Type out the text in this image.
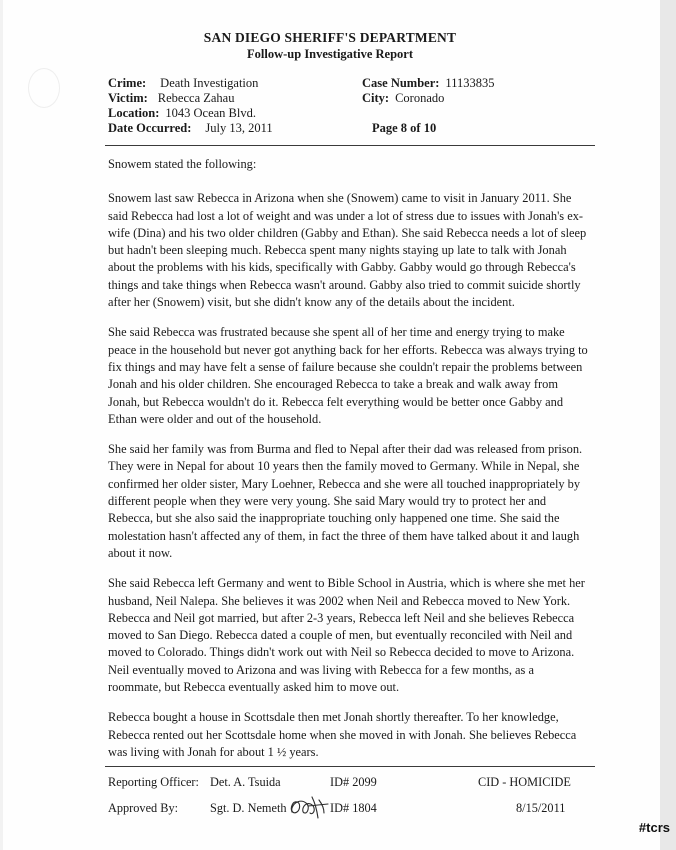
SAN DIEGO SHERIFF'S DEPARTMENT
Follow-up Investigative Report
Crime: Death Investigation
Victim: Rebecca Zahau
Location: 1043 Ocean Blvd.
Date Occurred: July 13, 2011
Case Number: 11133835
City: Coronado
Page 8 of 10

Snowem stated the following:

Snowem last saw Rebecca in Arizona when she (Snowem) came to visit in January 2011. She said Rebecca had lost a lot of weight and was under a lot of stress due to issues with Jonah's ex-wife (Dina) and his two older children (Gabby and Ethan). She said Rebecca needs a lot of sleep but hadn't been sleeping much. Rebecca spent many nights staying up late to talk with Jonah about the problems with his kids, specifically with Gabby. Gabby would go through Rebecca's things and take things when Rebecca wasn't around. Gabby also tried to commit suicide shortly after her (Snowem) visit, but she didn't know any of the details about the incident.

She said Rebecca was frustrated because she spent all of her time and energy trying to make peace in the household but never got anything back for her efforts. Rebecca was always trying to fix things and may have felt a sense of failure because she couldn't repair the problems between Jonah and his older children. She encouraged Rebecca to take a break and walk away from Jonah, but Rebecca wouldn't do it. Rebecca felt everything would be better once Gabby and Ethan were older and out of the household.

She said her family was from Burma and fled to Nepal after their dad was released from prison. They were in Nepal for about 10 years then the family moved to Germany. While in Nepal, she confirmed her older sister, Mary Loehner, Rebecca and she were all touched inappropriately by different people when they were very young. She said Mary would try to protect her and Rebecca, but she also said the inappropriate touching only happened one time. She said the molestation hasn't affected any of them, in fact the three of them have talked about it and laugh about it now.

She said Rebecca left Germany and went to Bible School in Austria, which is where she met her husband, Neil Nalepa. She believes it was 2002 when Neil and Rebecca moved to New York. Rebecca and Neil got married, but after 2-3 years, Rebecca left Neil and she believes Rebecca moved to San Diego. Rebecca dated a couple of men, but eventually reconciled with Neil and moved to Colorado. Things didn't work out with Neil so Rebecca decided to move to Arizona. Neil eventually moved to Arizona and was living with Rebecca for a few months, as a roommate, but Rebecca eventually asked him to move out.

Rebecca bought a house in Scottsdale then met Jonah shortly thereafter. To her knowledge, Rebecca rented out her Scottsdale home when she moved in with Jonah. She believes Rebecca was living with Jonah for about 1 ½ years.

Reporting Officer: Det. A. Tsuida	ID# 2099	CID - HOMICIDE
Approved By:	Sgt. D. Nemeth	ID# 1804	8/15/2011
#tcrs
